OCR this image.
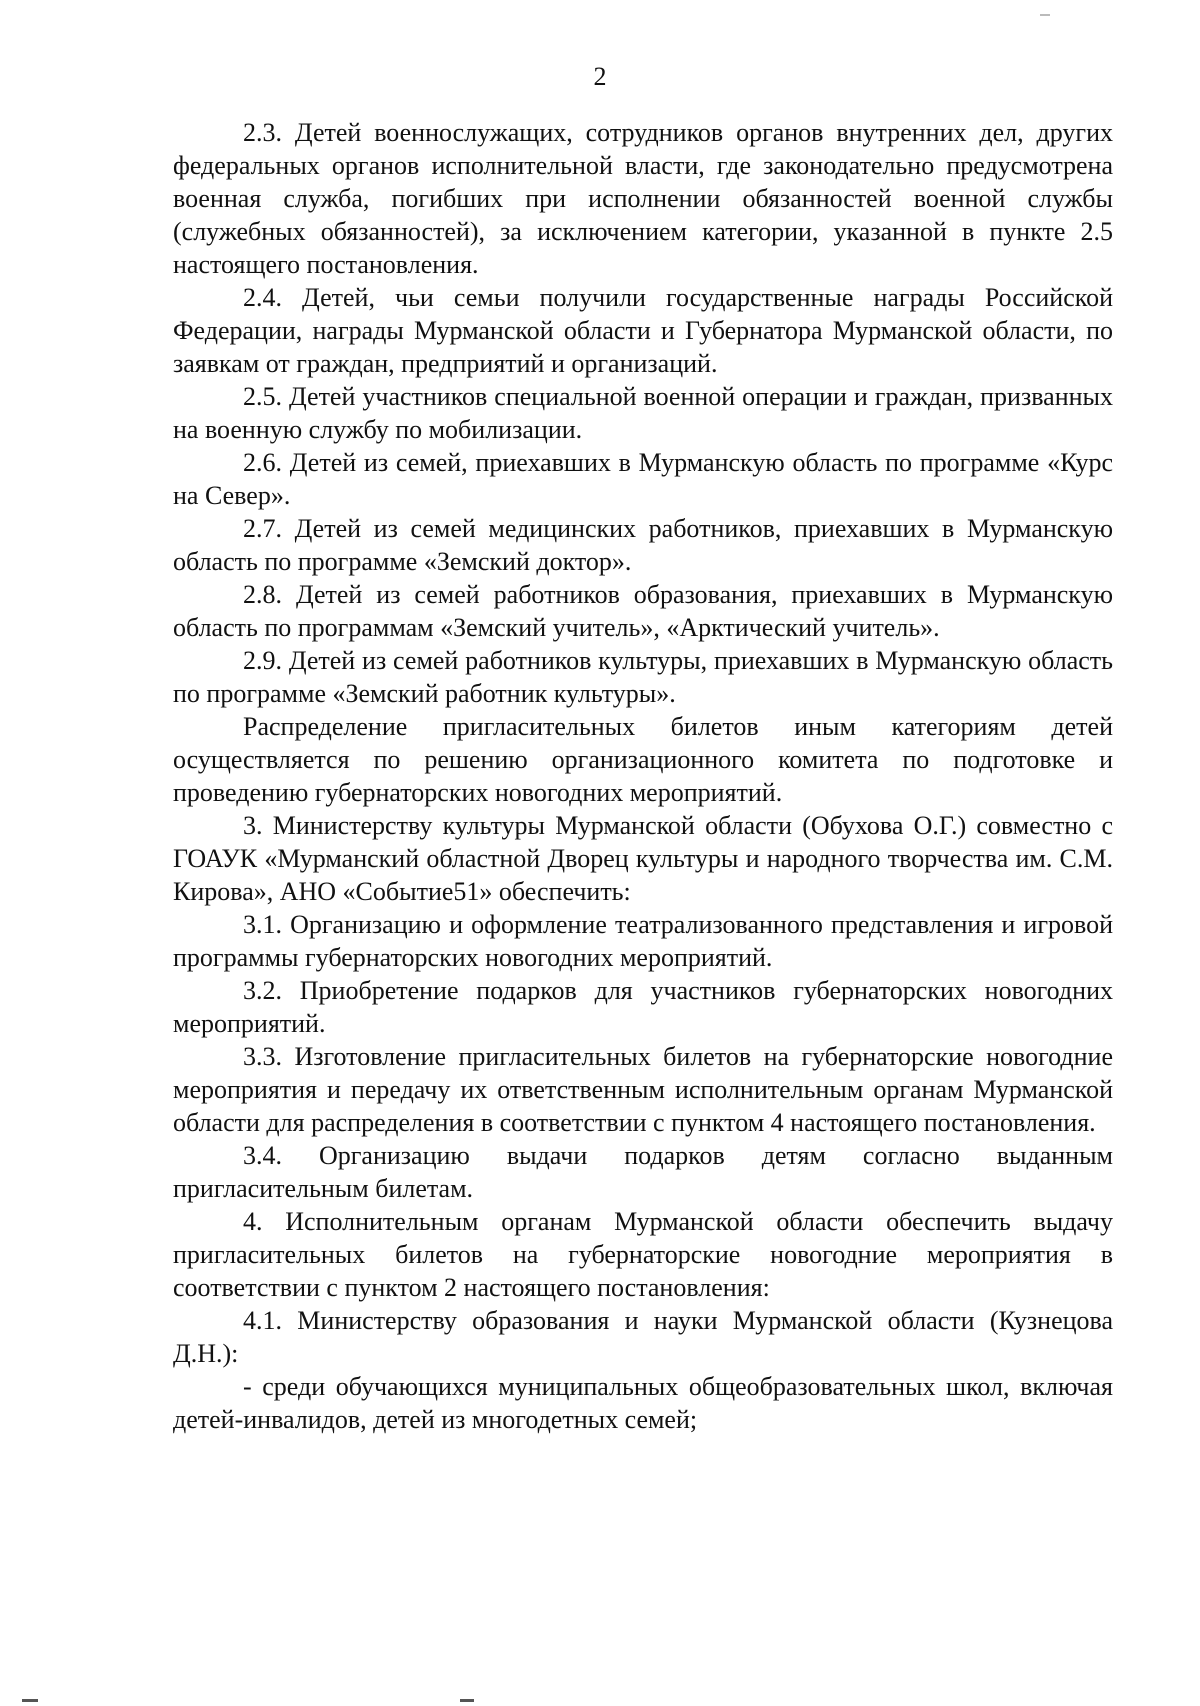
2

2.3. Детей военнослужащих, сотрудников органов внутренних дел, других федеральных органов исполнительной власти, где законодательно предусмотрена военная служба, погибших при исполнении обязанностей военной службы (служебных обязанностей), за исключением категории, указанной в пункте 2.5 настоящего постановления.

2.4. Детей, чьи семьи получили государственные награды Российской Федерации, награды Мурманской области и Губернатора Мурманской области, по заявкам от граждан, предприятий и организаций.

2.5. Детей участников специальной военной операции и граждан, призванных на военную службу по мобилизации.

2.6. Детей из семей, приехавших в Мурманскую область по программе «Курс на Север».

2.7. Детей из семей медицинских работников, приехавших в Мурманскую область по программе «Земский доктор».

2.8. Детей из семей работников образования, приехавших в Мурманскую область по программам «Земский учитель», «Арктический учитель».

2.9. Детей из семей работников культуры, приехавших в Мурманскую область по программе «Земский работник культуры».

Распределение пригласительных билетов иным категориям детей осуществляется по решению организационного комитета по подготовке и проведению губернаторских новогодних мероприятий.

3. Министерству культуры Мурманской области (Обухова О.Г.) совместно с ГОАУК «Мурманский областной Дворец культуры и народного творчества им. С.М. Кирова», АНО «Событие51» обеспечить:

3.1. Организацию и оформление театрализованного представления и игровой программы губернаторских новогодних мероприятий.

3.2. Приобретение подарков для участников губернаторских новогодних мероприятий.

3.3. Изготовление пригласительных билетов на губернаторские новогодние мероприятия и передачу их ответственным исполнительным органам Мурманской области для распределения в соответствии с пунктом 4 настоящего постановления.

3.4. Организацию выдачи подарков детям согласно выданным пригласительным билетам.

4. Исполнительным органам Мурманской области обеспечить выдачу пригласительных билетов на губернаторские новогодние мероприятия в соответствии с пунктом 2 настоящего постановления:

4.1. Министерству образования и науки Мурманской области (Кузнецова Д.Н.):

- среди обучающихся муниципальных общеобразовательных школ, включая детей-инвалидов, детей из многодетных семей;
